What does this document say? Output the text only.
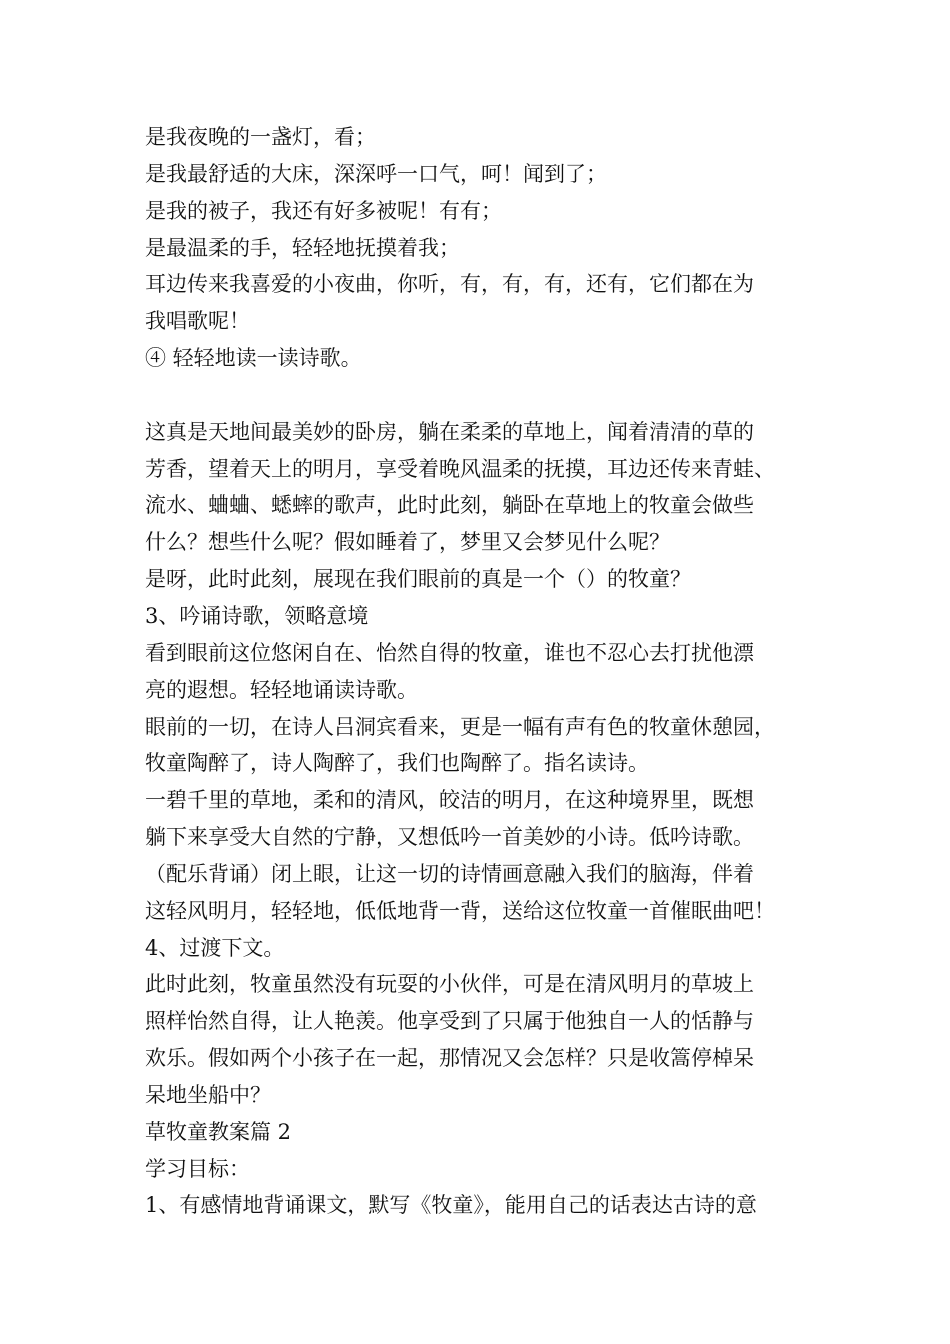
是我夜晚的一盏灯，看；
是我最舒适的大床，深深呼一口气，呵！闻到了；
是我的被子，我还有好多被呢！有有；
是最温柔的手，轻轻地抚摸着我；
耳边传来我喜爱的小夜曲，你听，有，有，有，还有，它们都在为
我唱歌呢！
④ 轻轻地读一读诗歌。
这真是天地间最美妙的卧房，躺在柔柔的草地上，闻着清清的草的
芳香，望着天上的明月，享受着晚风温柔的抚摸，耳边还传来青蛙、
流水、蛐蛐、蟋蟀的歌声，此时此刻，躺卧在草地上的牧童会做些
什么？想些什么呢？假如睡着了，梦里又会梦见什么呢？
是呀，此时此刻，展现在我们眼前的真是一个（）的牧童？
3、吟诵诗歌，领略意境
看到眼前这位悠闲自在、怡然自得的牧童，谁也不忍心去打扰他漂
亮的遐想。轻轻地诵读诗歌。
眼前的一切，在诗人吕洞宾看来，更是一幅有声有色的牧童休憩园，
牧童陶醉了，诗人陶醉了，我们也陶醉了。指名读诗。
一碧千里的草地，柔和的清风，皎洁的明月，在这种境界里，既想
躺下来享受大自然的宁静，又想低吟一首美妙的小诗。低吟诗歌。
（配乐背诵）闭上眼，让这一切的诗情画意融入我们的脑海，伴着
这轻风明月，轻轻地，低低地背一背，送给这位牧童一首催眠曲吧！
4、过渡下文。
此时此刻，牧童虽然没有玩耍的小伙伴，可是在清风明月的草坡上
照样怡然自得，让人艳羡。他享受到了只属于他独自一人的恬静与
欢乐。假如两个小孩子在一起，那情况又会怎样？只是收篙停棹呆
呆地坐船中？
草牧童教案篇 2
学习目标：
1、有感情地背诵课文，默写《牧童》，能用自己的话表达古诗的意
